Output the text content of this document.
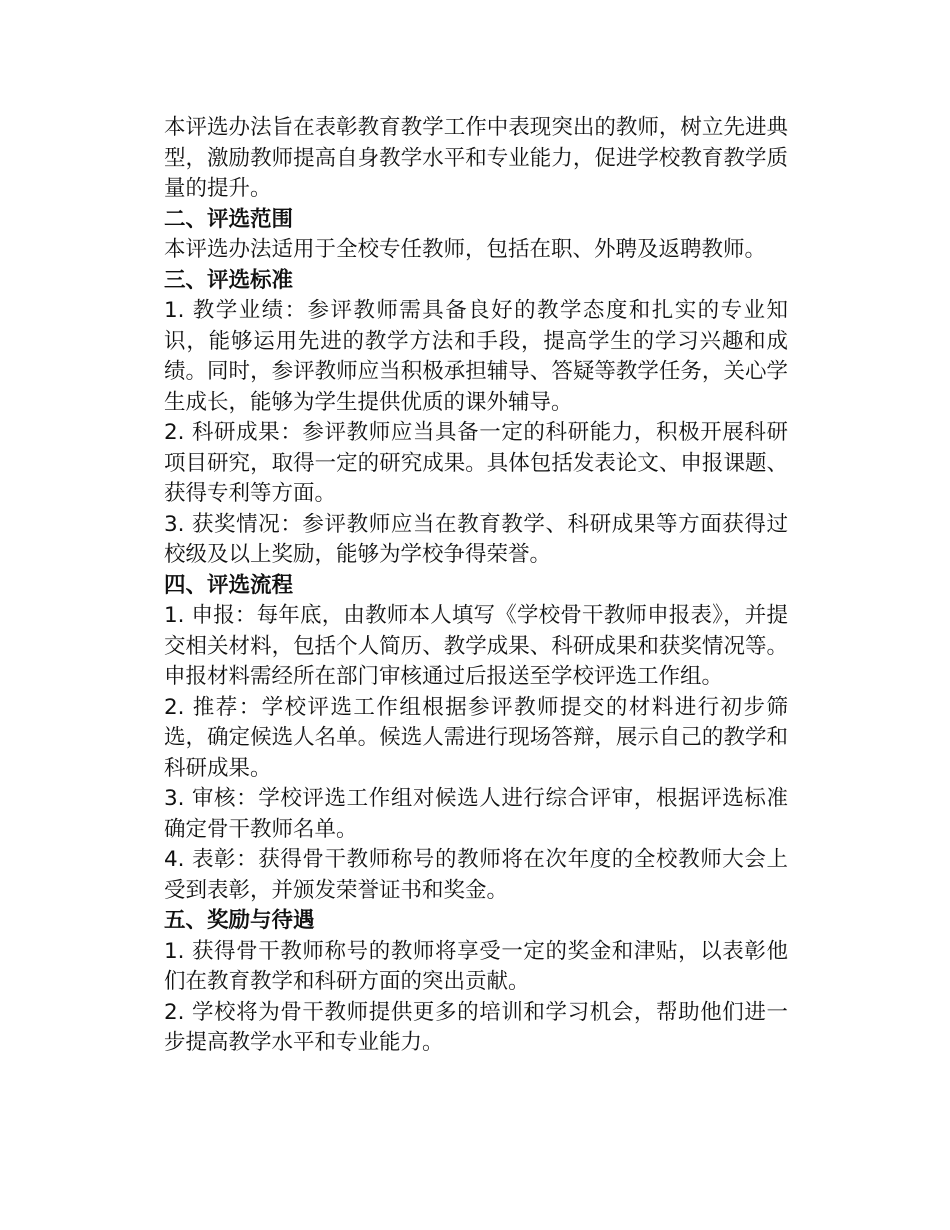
本评选办法旨在表彰教育教学工作中表现突出的教师，树立先进典型，激励教师提高自身教学水平和专业能力，促进学校教育教学质量的提升。

二、评选范围

本评选办法适用于全校专任教师，包括在职、外聘及返聘教师。

三、评选标准

1. 教学业绩：参评教师需具备良好的教学态度和扎实的专业知识，能够运用先进的教学方法和手段，提高学生的学习兴趣和成绩。同时，参评教师应当积极承担辅导、答疑等教学任务，关心学生成长，能够为学生提供优质的课外辅导。

2. 科研成果：参评教师应当具备一定的科研能力，积极开展科研项目研究，取得一定的研究成果。具体包括发表论文、申报课题、获得专利等方面。

3. 获奖情况：参评教师应当在教育教学、科研成果等方面获得过校级及以上奖励，能够为学校争得荣誉。

四、评选流程

1. 申报：每年底，由教师本人填写《学校骨干教师申报表》，并提交相关材料，包括个人简历、教学成果、科研成果和获奖情况等。申报材料需经所在部门审核通过后报送至学校评选工作组。

2. 推荐：学校评选工作组根据参评教师提交的材料进行初步筛选，确定候选人名单。候选人需进行现场答辩，展示自己的教学和科研成果。

3. 审核：学校评选工作组对候选人进行综合评审，根据评选标准确定骨干教师名单。

4. 表彰：获得骨干教师称号的教师将在次年度的全校教师大会上受到表彰，并颁发荣誉证书和奖金。

五、奖励与待遇

1. 获得骨干教师称号的教师将享受一定的奖金和津贴，以表彰他们在教育教学和科研方面的突出贡献。

2. 学校将为骨干教师提供更多的培训和学习机会，帮助他们进一步提高教学水平和专业能力。
